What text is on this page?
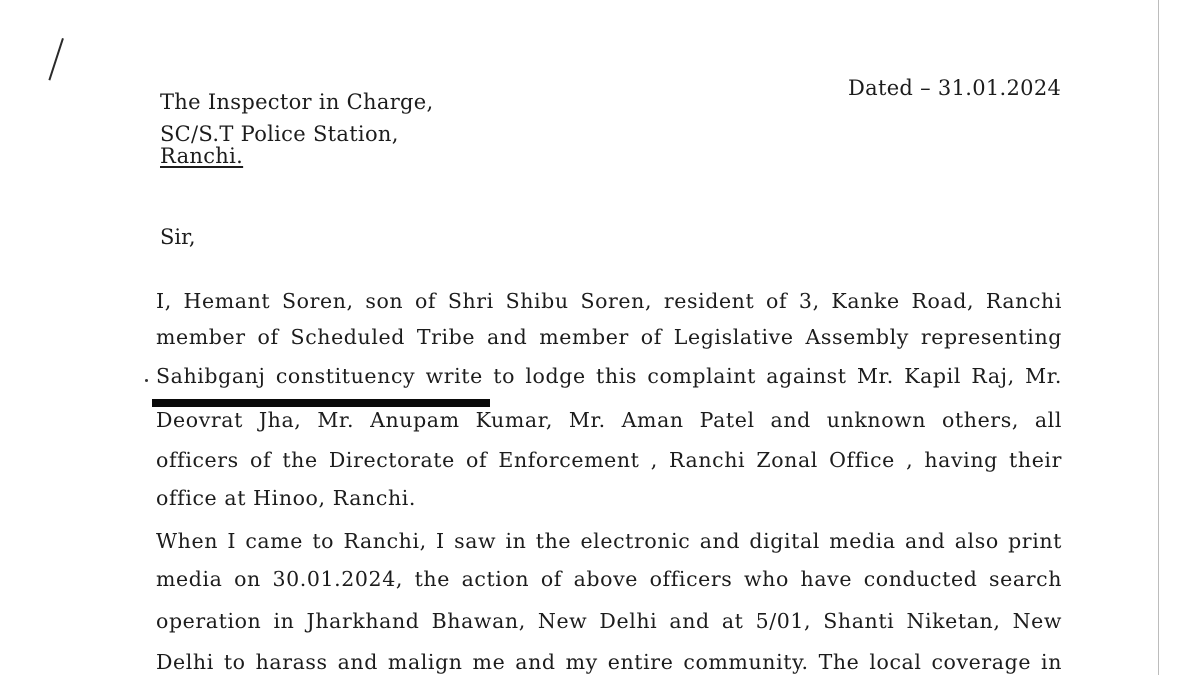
Dated – 31.01.2024
The Inspector in Charge,
SC/S.T Police Station,
Ranchi.
Sir,
I, Hemant Soren, son of Shri Shibu Soren, resident of 3, Kanke Road, Ranchi
member of Scheduled Tribe and member of Legislative Assembly representing
Sahibganj constituency write to lodge this complaint against Mr. Kapil Raj, Mr.
Deovrat Jha, Mr. Anupam Kumar, Mr. Aman Patel and unknown others, all
officers of the Directorate of Enforcement , Ranchi Zonal Office , having their
office at Hinoo, Ranchi.
When I came to Ranchi, I saw in the electronic and digital media and also print
media on 30.01.2024, the action of above officers who have conducted search
operation in Jharkhand Bhawan, New Delhi and at 5/01, Shanti Niketan, New
Delhi to harass and malign me and my entire community. The local coverage in
